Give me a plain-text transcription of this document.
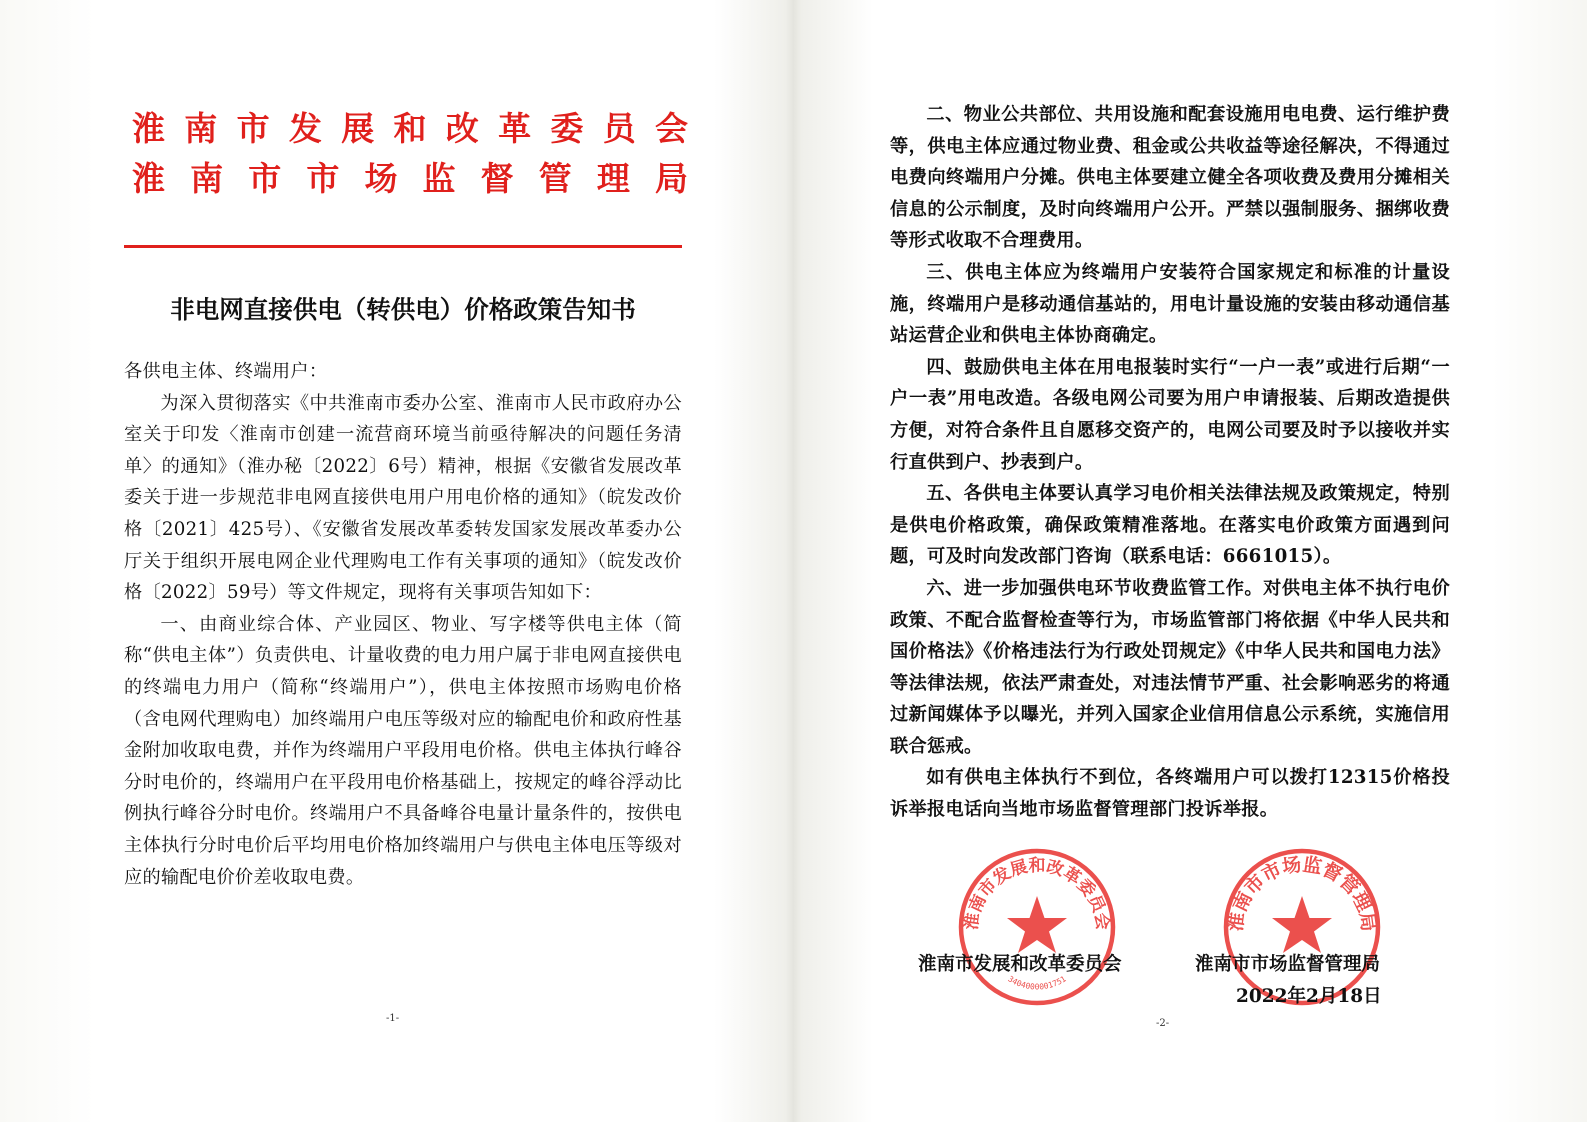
淮南市发展和改革委员会
淮南市市场监督管理局
非电网直接供电（转供电）价格政策告知书

各供电主体、终端用户：

为深入贯彻落实《中共淮南市委办公室、淮南市人民市政府办公室关于印发〈淮南市创建一流营商环境当前亟待解决的问题任务清单〉的通知》（淮办秘〔2022〕6号）精神，根据《安徽省发展改革委关于进一步规范非电网直接供电用户用电价格的通知》（皖发改价格〔2021〕425号）、《安徽省发展改革委转发国家发展改革委办公厅关于组织开展电网企业代理购电工作有关事项的通知》（皖发改价格〔2022〕59号）等文件规定，现将有关事项告知如下：

一、由商业综合体、产业园区、物业、写字楼等供电主体（简称“供电主体”）负责供电、计量收费的电力用户属于非电网直接供电的终端电力用户（简称“终端用户”），供电主体按照市场购电价格（含电网代理购电）加终端用户电压等级对应的输配电价和政府性基金附加收取电费，并作为终端用户平段用电价格。供电主体执行峰谷分时电价的，终端用户在平段用电价格基础上，按规定的峰谷浮动比例执行峰谷分时电价。终端用户不具备峰谷电量计量条件的，按供电主体执行分时电价后平均用电价格加终端用户与供电主体电压等级对应的输配电价价差收取电费。

-1-

二、物业公共部位、共用设施和配套设施用电电费、运行维护费等，供电主体应通过物业费、租金或公共收益等途径解决，不得通过电费向终端用户分摊。供电主体要建立健全各项收费及费用分摊相关信息的公示制度，及时向终端用户公开。严禁以强制服务、捆绑收费等形式收取不合理费用。

三、供电主体应为终端用户安装符合国家规定和标准的计量设施，终端用户是移动通信基站的，用电计量设施的安装由移动通信基站运营企业和供电主体协商确定。

四、鼓励供电主体在用电报装时实行“一户一表”或进行后期“一户一表”用电改造。各级电网公司要为用户申请报装、后期改造提供方便，对符合条件且自愿移交资产的，电网公司要及时予以接收并实行直供到户、抄表到户。

五、各供电主体要认真学习电价相关法律法规及政策规定，特别是供电价格政策，确保政策精准落地。在落实电价政策方面遇到问题，可及时向发改部门咨询（联系电话：6661015）。

六、进一步加强供电环节收费监管工作。对供电主体不执行电价政策、不配合监督检查等行为，市场监管部门将依据《中华人民共和国价格法》《价格违法行为行政处罚规定》《中华人民共和国电力法》等法律法规，依法严肃查处，对违法情节严重、社会影响恶劣的将通过新闻媒体予以曝光，并列入国家企业信用信息公示系统，实施信用联合惩戒。

如有供电主体执行不到位，各终端用户可以拨打12315价格投诉举报电话向当地市场监督管理部门投诉举报。

淮南市发展和改革委员会
3404000001751
淮南市市场监督管理局
淮南市发展和改革委员会	淮南市市场监督管理局
2022年2月18日
-2-
